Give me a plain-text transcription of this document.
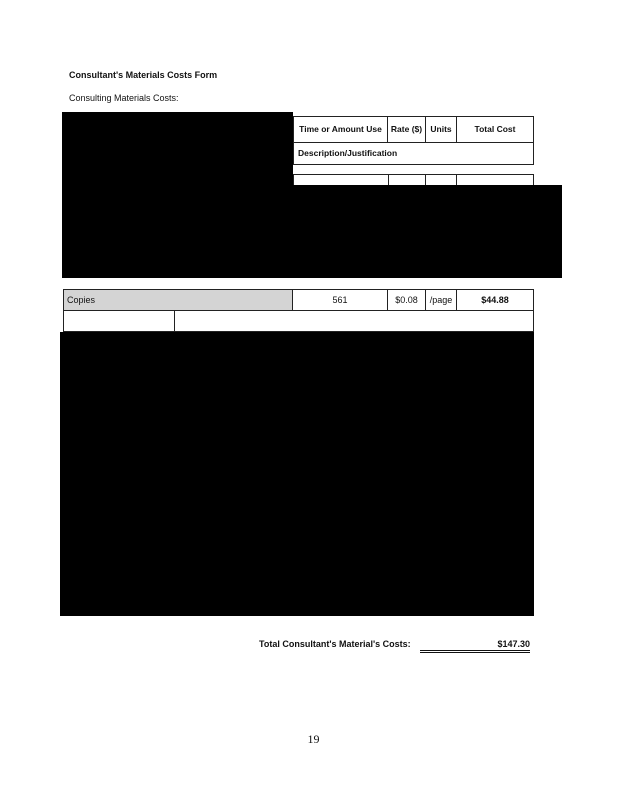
Consultant's Materials Costs Form
Consulting Materials Costs:
Time or Amount Use	Rate ($) Units	Total Cost
Description/Justification
Copies	561	$0.08	/page	$44.88
Total Consultant's Material's Costs:	$147.30
19
